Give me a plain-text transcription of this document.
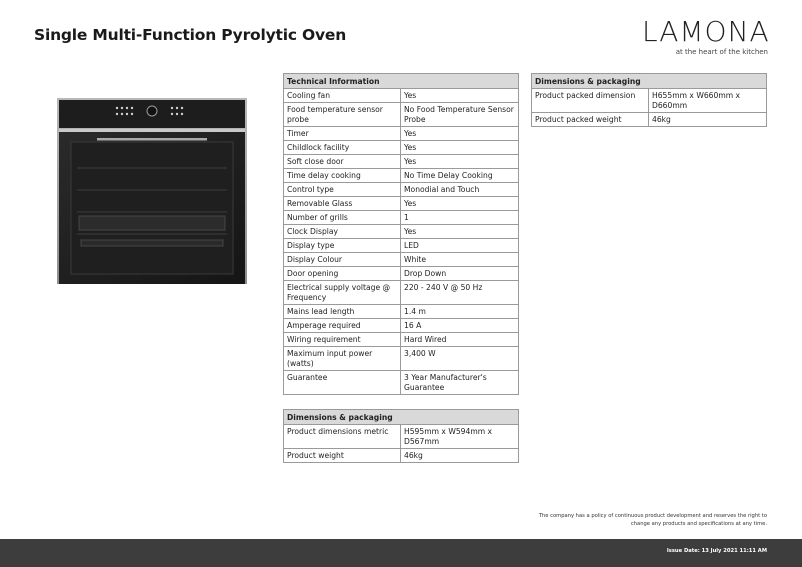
Single Multi-Function Pyrolytic Oven	LAMONA
at the heart of the kitchen
Technical Information	
Cooling fan	Yes
Food temperature sensor probe	No Food Temperature Sensor Probe
Timer	Yes
Childlock facility	Yes
Soft close door	Yes
Time delay cooking	No Time Delay Cooking
Control type	Monodial and Touch
Removable Glass	Yes
Number of grills	1
Clock Display	Yes
Display type	LED
Display Colour	White
Door opening	Drop Down
Electrical supply voltage @ Frequency	220 - 240 V @ 50 Hz
Mains lead length	1.4 m
Amperage required	16 A
Wiring requirement	Hard Wired
Maximum input power (watts)	3,400 W
Guarantee	3 Year Manufacturer's Guarantee
Dimensions & packaging	
Product dimensions metric	H595mm x W594mm x D567mm
Product weight	46kg
Dimensions & packaging	
Product packed dimension	H655mm x W660mm x D660mm
Product packed weight	46kg
The company has a policy of continuous product development and reserves the right to
change any products and specifications at any time.
Issue Date: 13 July 2021 11:11 AM
